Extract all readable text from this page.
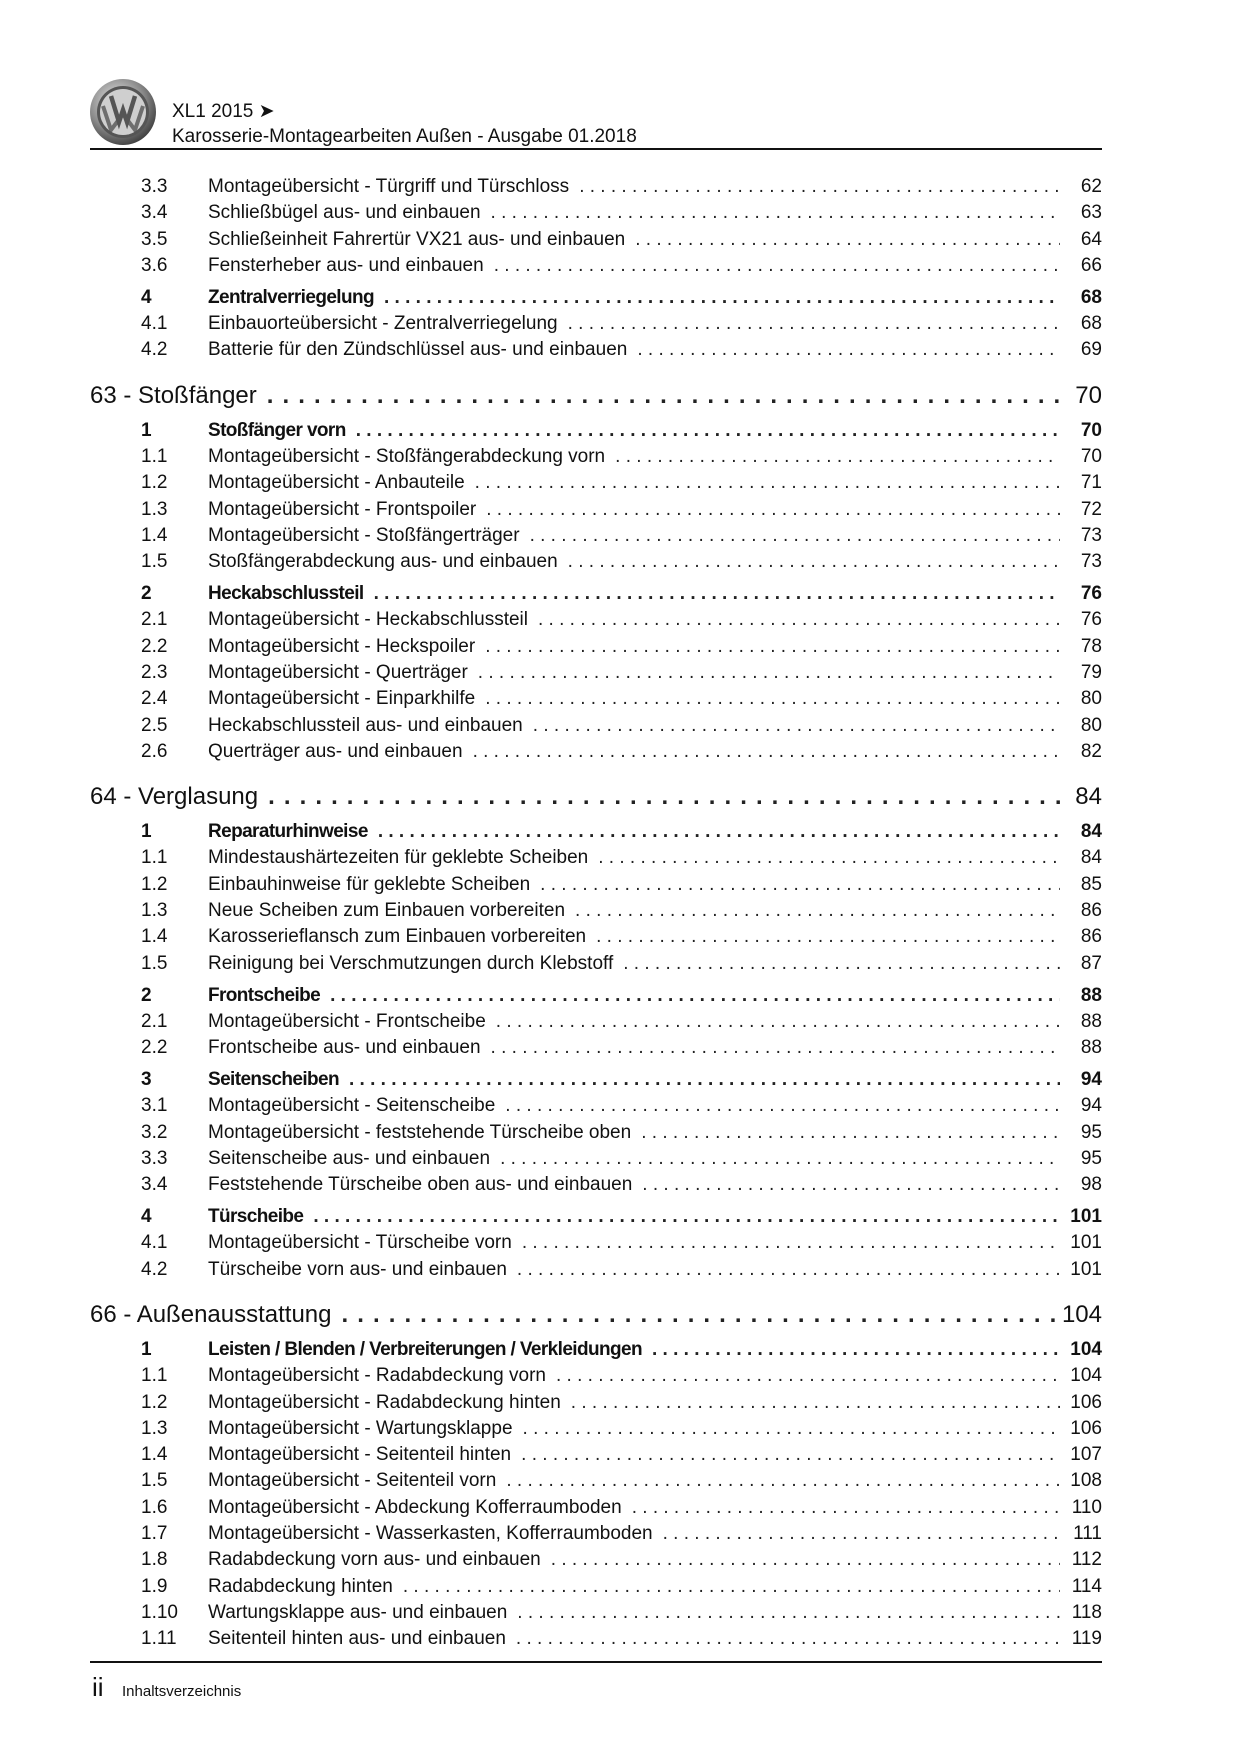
XL1 2015 ➤
Karosserie-Montagearbeiten Außen - Ausgabe 01.2018
3.3	Montageübersicht - Türgriff und Türschloss . . .	62
3.4	Schließbügel aus- und einbauen . . .	63
3.5	Schließeinheit Fahrertür VX21 aus- und einbauen . . .	64
3.6	Fensterheber aus- und einbauen . . .	66
4	Zentralverriegelung . . .	68
4.1	Einbauorteübersicht - Zentralverriegelung . . .	68
4.2	Batterie für den Zündschlüssel aus- und einbauen . . .	69
63 - Stoßfänger . . .	70
1	Stoßfänger vorn . . .	70
1.1	Montageübersicht - Stoßfängerabdeckung vorn . . .	70
1.2	Montageübersicht - Anbauteile . . .	71
1.3	Montageübersicht - Frontspoiler . . .	72
1.4	Montageübersicht - Stoßfängerträger . . .	73
1.5	Stoßfängerabdeckung aus- und einbauen . . .	73
2	Heckabschlussteil . . .	76
2.1	Montageübersicht - Heckabschlussteil . . .	76
2.2	Montageübersicht - Heckspoiler . . .	78
2.3	Montageübersicht - Querträger . . .	79
2.4	Montageübersicht - Einparkhilfe . . .	80
2.5	Heckabschlussteil aus- und einbauen . . .	80
2.6	Querträger aus- und einbauen . . .	82
64 - Verglasung . . .	84
1	Reparaturhinweise . . .	84
1.1	Mindestaushärtezeiten für geklebte Scheiben . . .	84
1.2	Einbauhinweise für geklebte Scheiben . . .	85
1.3	Neue Scheiben zum Einbauen vorbereiten . . .	86
1.4	Karosserieflansch zum Einbauen vorbereiten . . .	86
1.5	Reinigung bei Verschmutzungen durch Klebstoff . . .	87
2	Frontscheibe . . .	88
2.1	Montageübersicht - Frontscheibe . . .	88
2.2	Frontscheibe aus- und einbauen . . .	88
3	Seitenscheiben . . .	94
3.1	Montageübersicht - Seitenscheibe . . .	94
3.2	Montageübersicht - feststehende Türscheibe oben . . .	95
3.3	Seitenscheibe aus- und einbauen . . .	95
3.4	Feststehende Türscheibe oben aus- und einbauen . . .	98
4	Türscheibe . . .	101
4.1	Montageübersicht - Türscheibe vorn . . .	101
4.2	Türscheibe vorn aus- und einbauen . . .	101
66 - Außenausstattung . . .	104
1	Leisten / Blenden / Verbreiterungen / Verkleidungen . . .	104
1.1	Montageübersicht - Radabdeckung vorn . . .	104
1.2	Montageübersicht - Radabdeckung hinten . . .	106
1.3	Montageübersicht - Wartungsklappe . . .	106
1.4	Montageübersicht - Seitenteil hinten . . .	107
1.5	Montageübersicht - Seitenteil vorn . . .	108
1.6	Montageübersicht - Abdeckung Kofferraumboden . . .	110
1.7	Montageübersicht - Wasserkasten, Kofferraumboden . . .	111
1.8	Radabdeckung vorn aus- und einbauen . . .	112
1.9	Radabdeckung hinten . . .	114
1.10	Wartungsklappe aus- und einbauen . . .	118
1.11	Seitenteil hinten aus- und einbauen . . .	119
ii Inhaltsverzeichnis
